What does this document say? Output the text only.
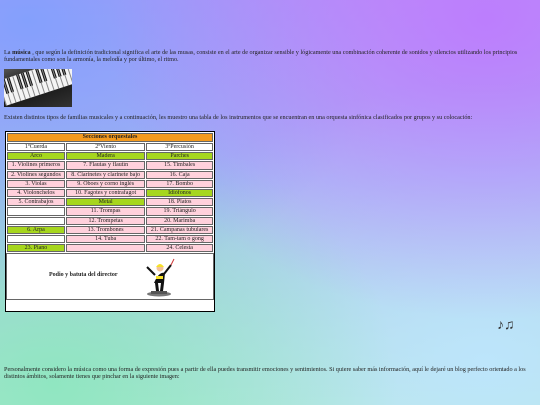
La música , que según la definición tradicional significa el arte de las musas, consiste en el arte de organizar sensible y lógicamente una combinación coherente de sonidos y silencios utilizando los principios fundamentales como son la armonía, la melodía y por último, el ritmo.

Existen distintos tipos de familias musicales y a continuación, les muestro una tabla de los instrumentos que se encuentran en una orquesta sinfónica clasificados por grupos y su colocación:

Secciones orquestales		
1ºCuerda	2ºViento	3ºPercusión
Arco	Madera	Parches
1. Violines primeros	7. Flautas y flautín	15. Timbales
2. Violines segundos	8. Clarinetes y clarinete bajo	16. Caja
3. Violas	9. Oboes y corno inglés	17. Bombo
4. Violonchelos	10. Fagotes y contrafagot	Idiófonos
5. Contrabajos	Metal	18. Platos
	11. Trompas	19. Triángulo
	12. Trompetas	20. Marimba
6. Arpa	13. Trombones	21. Campanas tubulares
	14. Tuba	22. Tam-tam o gong
23. Piano		24. Celesta
Podio y batuta del director
♪♫

Personalmente considero la música como una forma de expresión pues a partir de ella puedes transmitir emociones y sentimientos. Si quiere saber más información, aquí le dejaré un blog perfecto orientado a los distintos ámbitos, solamente tienes que pinchar en la siguiente imagen:
